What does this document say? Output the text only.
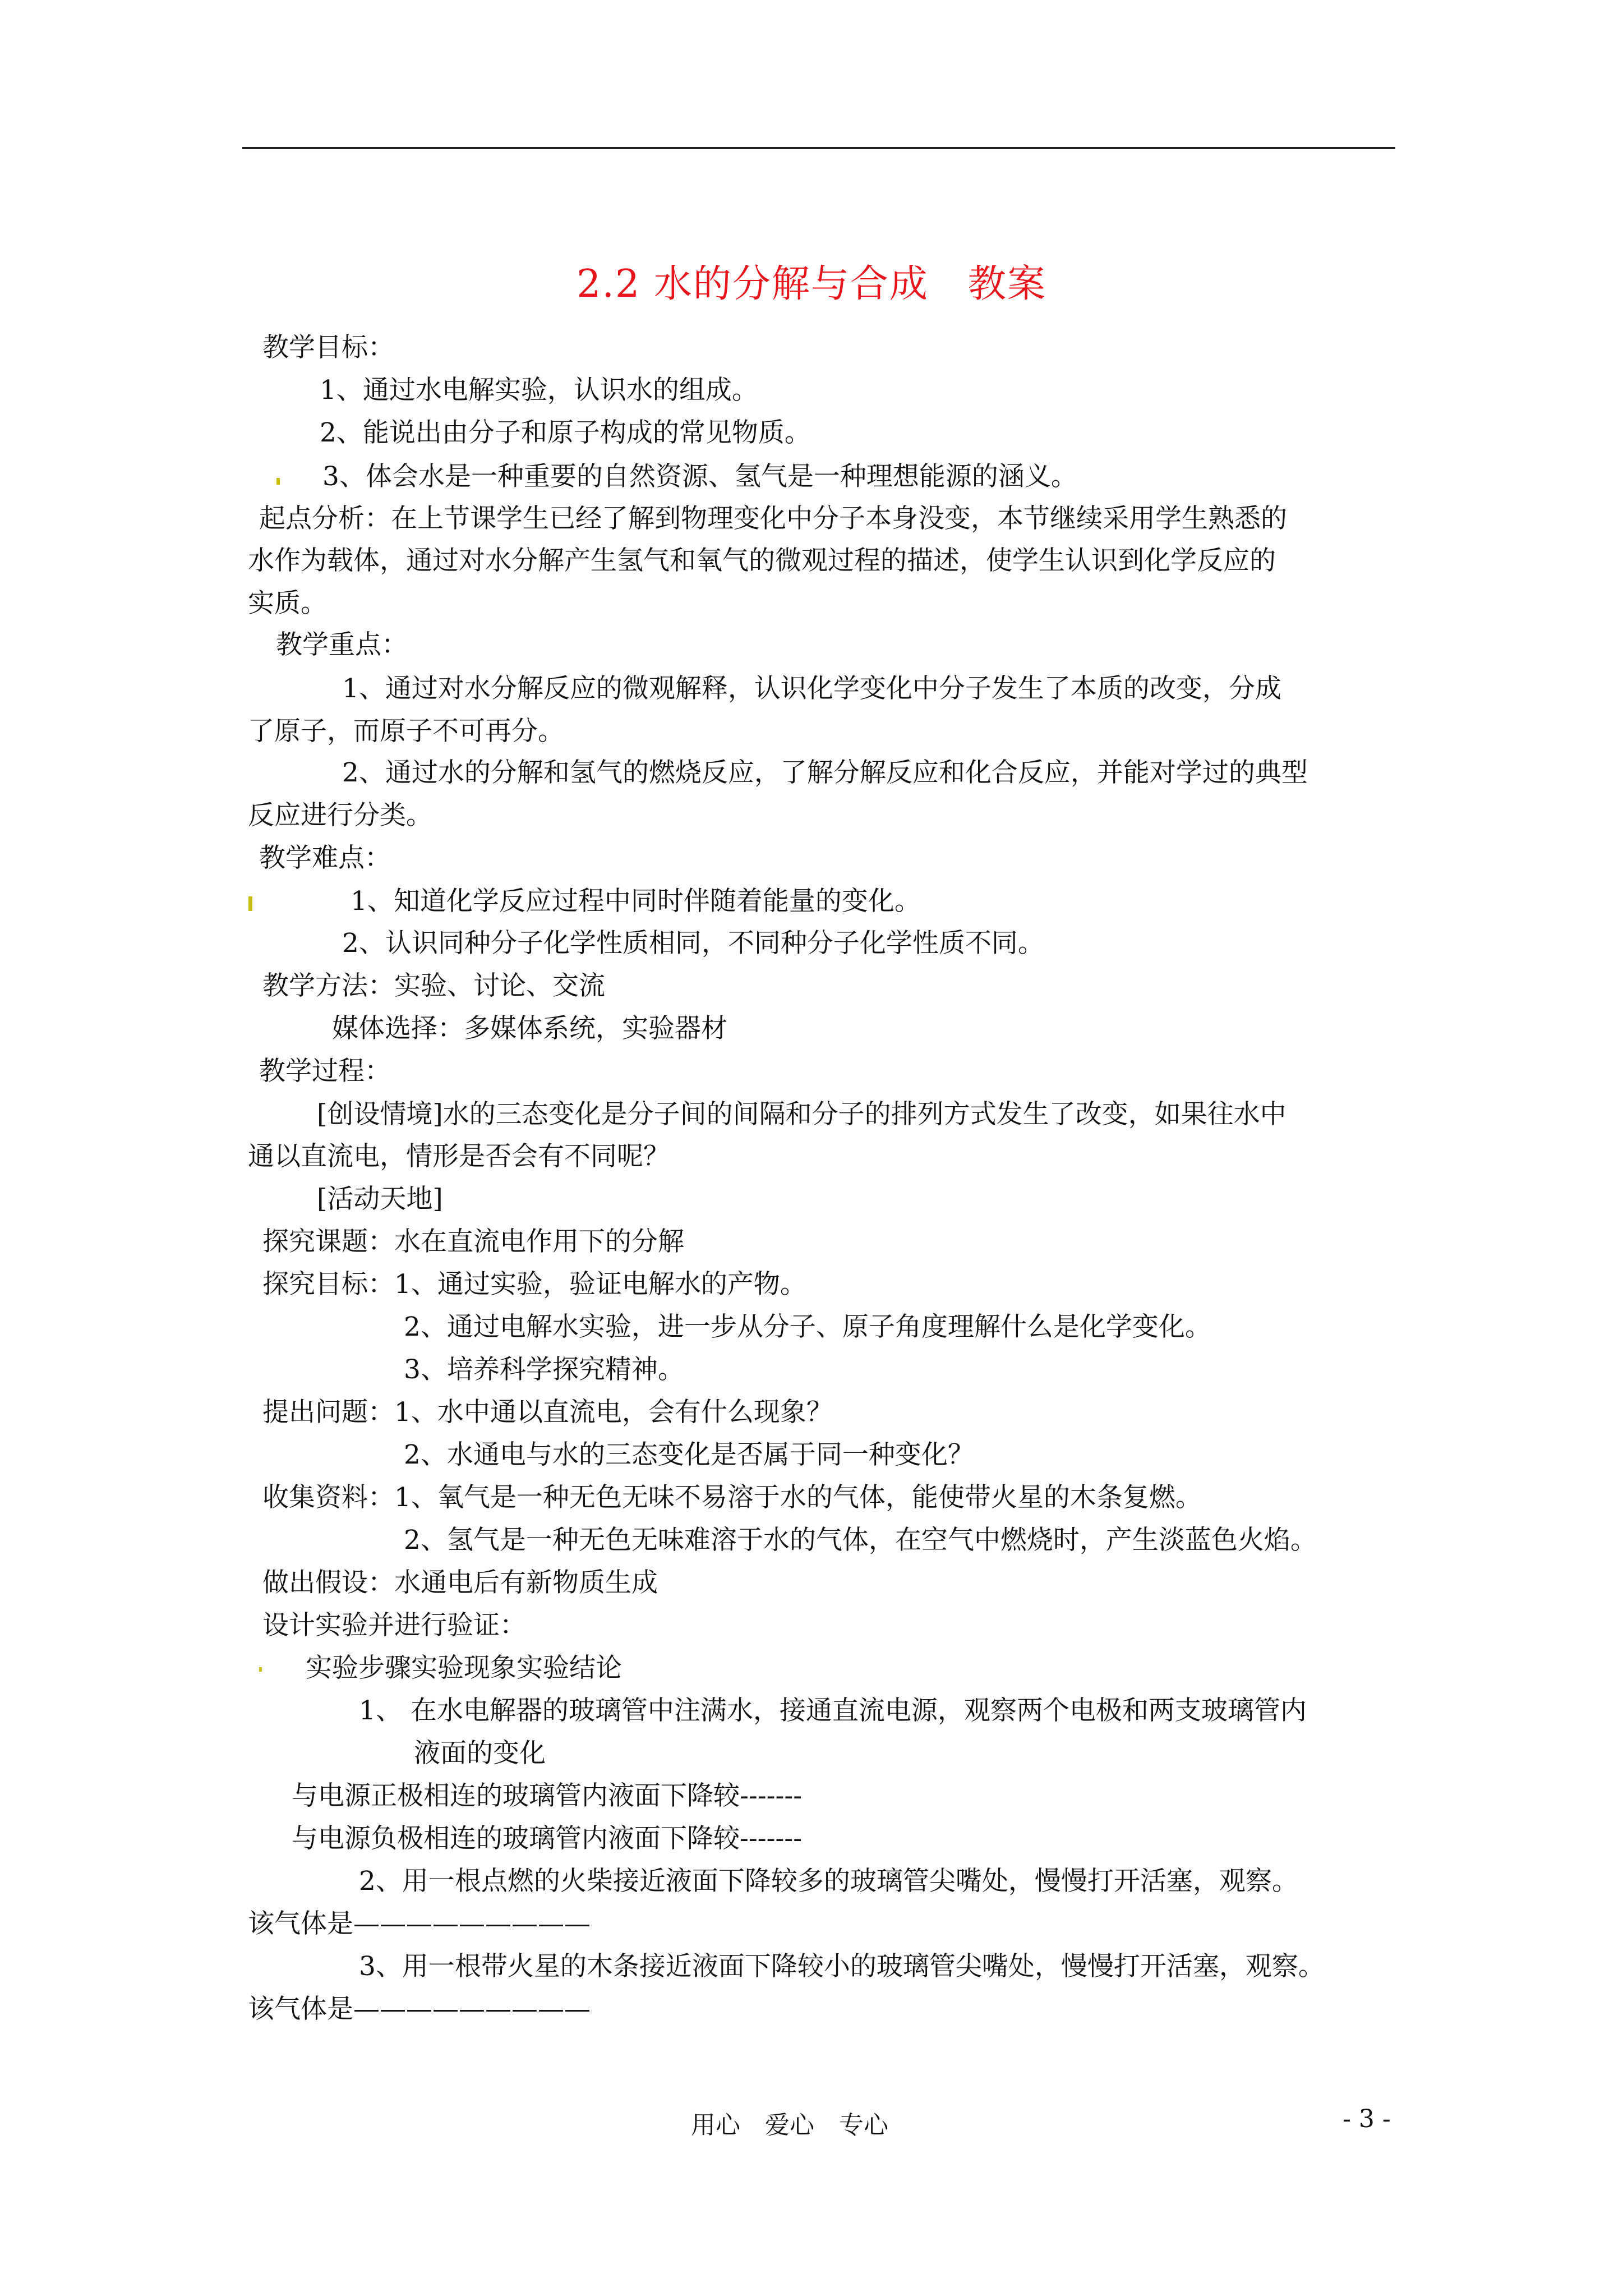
2.2 水的分解与合成　教案
教学目标：
1、通过水电解实验，认识水的组成。
2、能说出由分子和原子构成的常见物质。
3、体会水是一种重要的自然资源、氢气是一种理想能源的涵义。
起点分析：在上节课学生已经了解到物理变化中分子本身没变，本节继续采用学生熟悉的
水作为载体，通过对水分解产生氢气和氧气的微观过程的描述，使学生认识到化学反应的
实质。
教学重点：
1、通过对水分解反应的微观解释，认识化学变化中分子发生了本质的改变，分成
了原子，而原子不可再分。
2、通过水的分解和氢气的燃烧反应，了解分解反应和化合反应，并能对学过的典型
反应进行分类。
教学难点：
1、知道化学反应过程中同时伴随着能量的变化。
2、认识同种分子化学性质相同，不同种分子化学性质不同。
教学方法：实验、讨论、交流
媒体选择：多媒体系统，实验器材
教学过程：
[创设情境]水的三态变化是分子间的间隔和分子的排列方式发生了改变，如果往水中
通以直流电，情形是否会有不同呢？
[活动天地]
探究课题：水在直流电作用下的分解
探究目标：1、通过实验，验证电解水的产物。
2、通过电解水实验，进一步从分子、原子角度理解什么是化学变化。
3、培养科学探究精神。
提出问题：1、水中通以直流电，会有什么现象？
2、水通电与水的三态变化是否属于同一种变化？
收集资料：1、氧气是一种无色无味不易溶于水的气体，能使带火星的木条复燃。
2、氢气是一种无色无味难溶于水的气体，在空气中燃烧时，产生淡蓝色火焰。
做出假设：水通电后有新物质生成
设计实验并进行验证：
实验步骤实验现象实验结论
1、 在水电解器的玻璃管中注满水，接通直流电源，观察两个电极和两支玻璃管内
液面的变化
与电源正极相连的玻璃管内液面下降较-------
与电源负极相连的玻璃管内液面下降较-------
2、用一根点燃的火柴接近液面下降较多的玻璃管尖嘴处，慢慢打开活塞，观察。
该气体是—————————
3、用一根带火星的木条接近液面下降较小的玻璃管尖嘴处，慢慢打开活塞，观察。
该气体是—————————
用心　爱心　专心	- 3 -
